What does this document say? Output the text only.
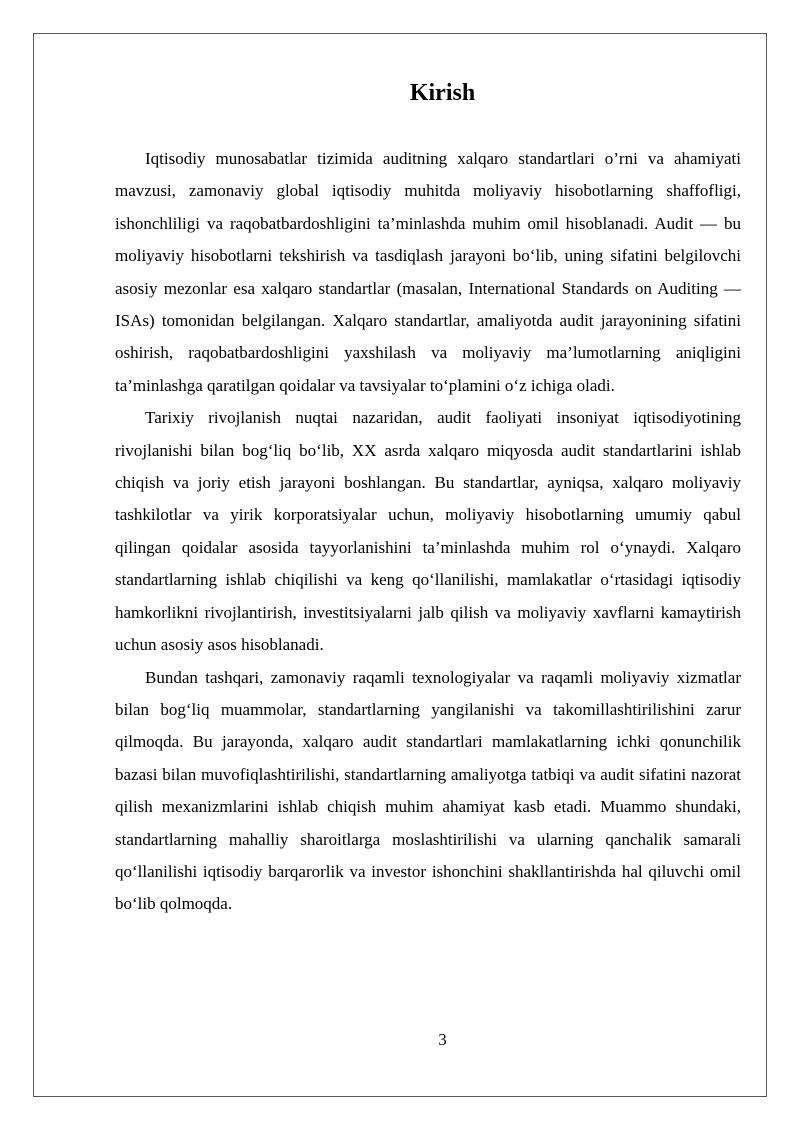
Kirish

Iqtisodiy munosabatlar tizimida auditning xalqaro standartlari o’rni va ahamiyati mavzusi, zamonaviy global iqtisodiy muhitda moliyaviy hisobotlarning shaffofligi, ishonchliligi va raqobatbardoshligini ta’minlashda muhim omil hisoblanadi. Audit — bu moliyaviy hisobotlarni tekshirish va tasdiqlash jarayoni bo‘lib, uning sifatini belgilovchi asosiy mezonlar esa xalqaro standartlar (masalan, International Standards on Auditing — ISAs) tomonidan belgilangan. Xalqaro standartlar, amaliyotda audit jarayonining sifatini oshirish, raqobatbardoshligini yaxshilash va moliyaviy ma’lumotlarning aniqligini ta’minlashga qaratilgan qoidalar va tavsiyalar to‘plamini o‘z ichiga oladi.

Tarixiy rivojlanish nuqtai nazaridan, audit faoliyati insoniyat iqtisodiyotining rivojlanishi bilan bog‘liq bo‘lib, XX asrda xalqaro miqyosda audit standartlarini ishlab chiqish va joriy etish jarayoni boshlangan. Bu standartlar, ayniqsa, xalqaro moliyaviy tashkilotlar va yirik korporatsiyalar uchun, moliyaviy hisobotlarning umumiy qabul qilingan qoidalar asosida tayyorlanishini ta’minlashda muhim rol o‘ynaydi. Xalqaro standartlarning ishlab chiqilishi va keng qo‘llanilishi, mamlakatlar o‘rtasidagi iqtisodiy hamkorlikni rivojlantirish, investitsiyalarni jalb qilish va moliyaviy xavflarni kamaytirish uchun asosiy asos hisoblanadi.

Bundan tashqari, zamonaviy raqamli texnologiyalar va raqamli moliyaviy xizmatlar bilan bog‘liq muammolar, standartlarning yangilanishi va takomillashtirilishini zarur qilmoqda. Bu jarayonda, xalqaro audit standartlari mamlakatlarning ichki qonunchilik bazasi bilan muvofiqlashtirilishi, standartlarning amaliyotga tatbiqi va audit sifatini nazorat qilish mexanizmlarini ishlab chiqish muhim ahamiyat kasb etadi. Muammo shundaki, standartlarning mahalliy sharoitlarga moslashtirilishi va ularning qanchalik samarali qo‘llanilishi iqtisodiy barqarorlik va investor ishonchini shakllantirishda hal qiluvchi omil bo‘lib qolmoqda.

3
